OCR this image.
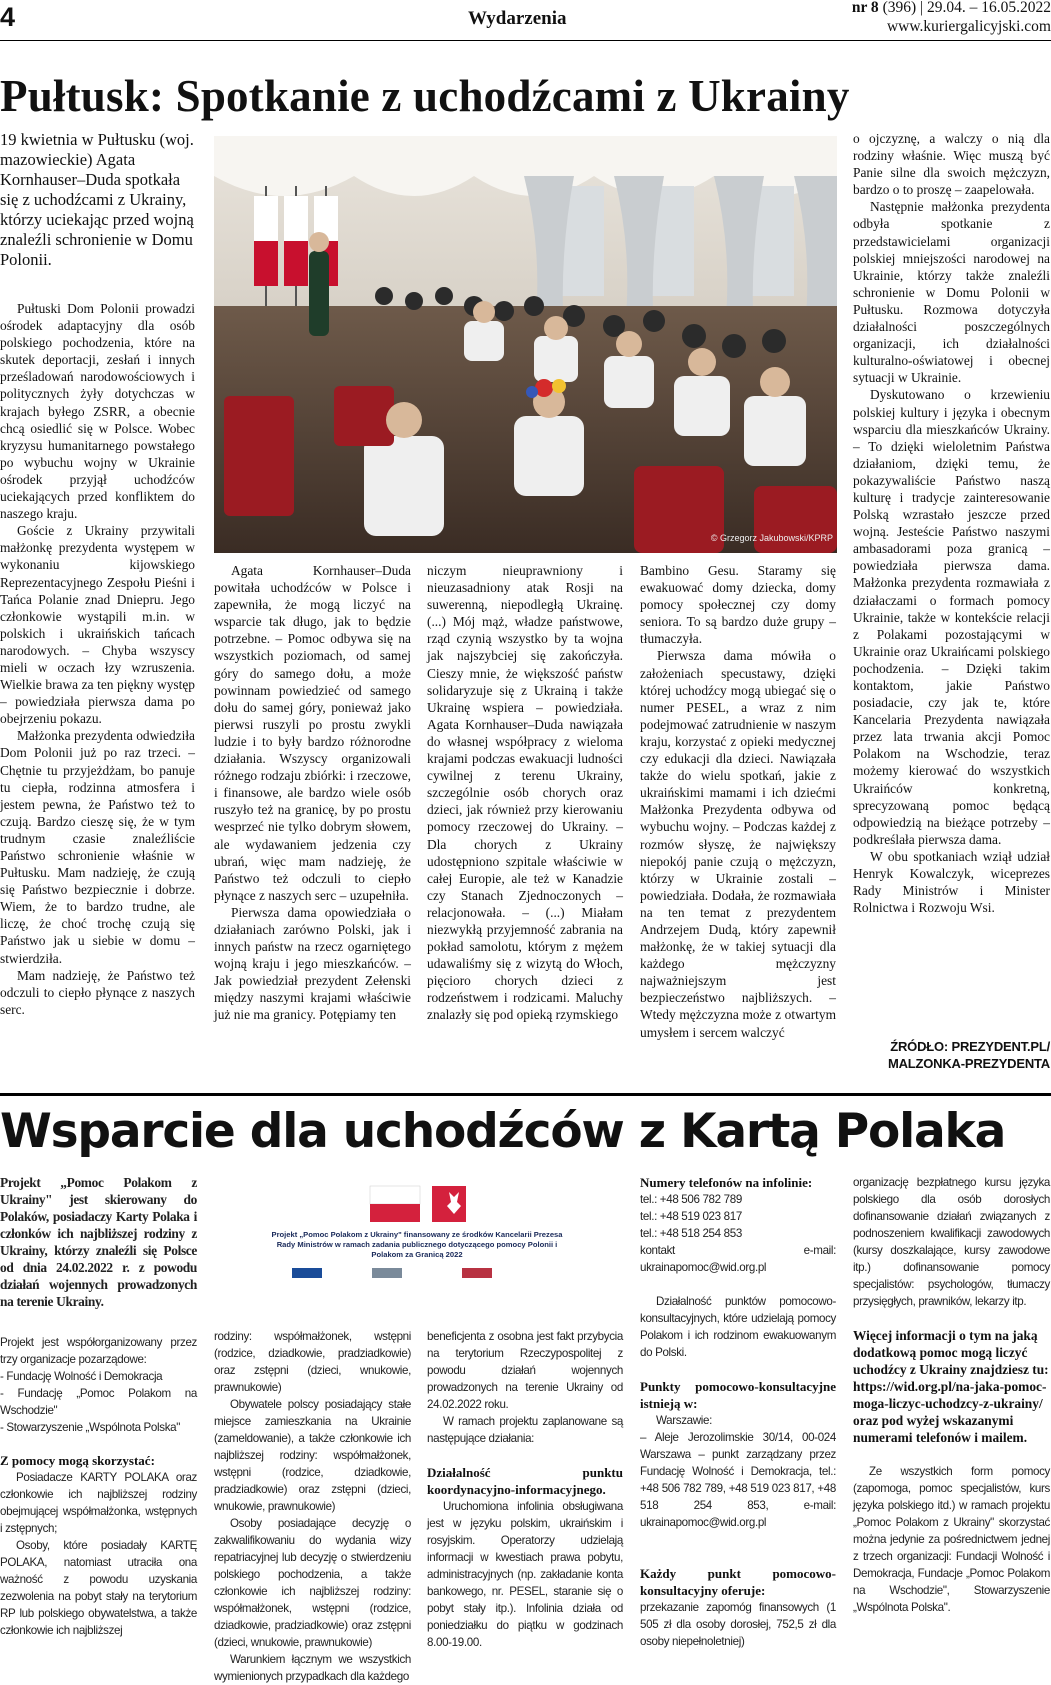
4	Wydarzenia
nr 8 (396) | 29.04. – 16.05.2022
www.kuriergalicyjski.com
Pułtusk: Spotkanie z uchodźcami z Ukrainy
19 kwietnia w Pułtusku (woj. mazowieckie) Agata Kornhauser–Duda spotkała się z uchodźcami z Ukrainy, którzy uciekając przed wojną znaleźli schronienie w Domu Polonii.

Pułtuski Dom Polonii prowadzi ośrodek adaptacyjny dla osób polskiego pochodzenia, które na skutek deportacji, zesłań i innych prześladowań narodowościowych i politycznych żyły dotychczas w krajach byłego ZSRR, a obecnie chcą osiedlić się w Polsce. Wobec kryzysu humanitarnego powstałego po wybuchu wojny w Ukrainie ośrodek przyjął uchodźców uciekających przed konfliktem do naszego kraju.

Goście z Ukrainy przywitali małżonkę prezydenta występem w wykonaniu kijowskiego Reprezentacyjnego Zespołu Pieśni i Tańca Polanie znad Dniepru. Jego członkowie wystąpili m.in. w polskich i ukraińskich tańcach narodowych. – Chyba wszyscy mieli w oczach łzy wzruszenia. Wielkie brawa za ten piękny występ – powiedziała pierwsza dama po obejrzeniu pokazu.

Małżonka prezydenta odwiedziła Dom Polonii już po raz trzeci. – Chętnie tu przyjeżdżam, bo panuje tu ciepła, rodzinna atmosfera i jestem pewna, że Państwo też to czują. Bardzo cieszę się, że w tym trudnym czasie znaleźliście Państwo schronienie właśnie w Pułtusku. Mam nadzieję, że czują się Państwo bezpiecznie i dobrze. Wiem, że to bardzo trudne, ale liczę, że choć trochę czują się Państwo jak u siebie w domu – stwierdziła.

Mam nadzieję, że Państwo też odczuli to ciepło płynące z naszych serc.

© Grzegorz Jakubowski/KPRP

Agata Kornhauser–Duda powitała uchodźców w Polsce i zapewniła, że mogą liczyć na wsparcie tak długo, jak to będzie potrzebne. – Pomoc odbywa się na wszystkich poziomach, od samej góry do samego dołu, a może powinnam powiedzieć od samego dołu do samej góry, ponieważ jako pierwsi ruszyli po prostu zwykli ludzie i to były bardzo różnorodne działania. Wszyscy organizowali różnego rodzaju zbiórki: i rzeczowe, i finansowe, ale bardzo wiele osób ruszyło też na granicę, by po prostu wesprzeć nie tylko dobrym słowem, ale wydawaniem jedzenia czy ubrań, więc mam nadzieję, że Państwo też odczuli to ciepło płynące z naszych serc – uzupełniła.

Pierwsza dama opowiedziała o działaniach zarówno Polski, jak i innych państw na rzecz ogarniętego wojną kraju i jego mieszkańców. – Jak powiedział prezydent Zełenski między naszymi krajami właściwie już nie ma granicy. Potępiamy ten

niczym nieuprawniony i nieuzasadniony atak Rosji na suwerenną, niepodległą Ukrainę. (...) Mój mąż, władze państwowe, rząd czynią wszystko by ta wojna jak najszybciej się zakończyła. Cieszy mnie, że większość państw solidaryzuje się z Ukrainą i także Ukrainę wspiera – powiedziała. Agata Kornhauser–Duda nawiązała do własnej współpracy z wieloma krajami podczas ewakuacji ludności cywilnej z terenu Ukrainy, szczególnie osób chorych oraz dzieci, jak również przy kierowaniu pomocy rzeczowej do Ukrainy. – Dla chorych z Ukrainy udostępniono szpitale właściwie w całej Europie, ale też w Kanadzie czy Stanach Zjednoczonych – relacjonowała. – (...) Miałam niezwykłą przyjemność zabrania na pokład samolotu, którym z mężem udawaliśmy się z wizytą do Włoch, pięcioro chorych dzieci z rodzeństwem i rodzicami. Maluchy znalazły się pod opieką rzymskiego

Bambino Gesu. Staramy się ewakuować domy dziecka, domy pomocy społecznej czy domy seniora. To są bardzo duże grupy – tłumaczyła.

Pierwsza dama mówiła o założeniach specustawy, dzięki której uchodźcy mogą ubiegać się o numer PESEL, a wraz z nim podejmować zatrudnienie w naszym kraju, korzystać z opieki medycznej czy edukacji dla dzieci. Nawiązała także do wielu spotkań, jakie z ukraińskimi mamami i ich dziećmi Małżonka Prezydenta odbywa od wybuchu wojny. – Podczas każdej z rozmów słyszę, że największy niepokój panie czują o mężczyzn, którzy w Ukrainie zostali – powiedziała. Dodała, że rozmawiała na ten temat z prezydentem Andrzejem Dudą, który zapewnił małżonkę, że w takiej sytuacji dla każdego mężczyzny najważniejszym jest bezpieczeństwo najbliższych. – Wtedy mężczyzna może z otwartym umysłem i sercem walczyć

o ojczyznę, a walczy o nią dla rodziny właśnie. Więc muszą być Panie silne dla swoich mężczyzn, bardzo o to proszę – zaapelowała.

Następnie małżonka prezydenta odbyła spotkanie z przedstawicielami organizacji polskiej mniejszości narodowej na Ukrainie, którzy także znaleźli schronienie w Domu Polonii w Pułtusku. Rozmowa dotyczyła działalności poszczególnych organizacji, ich działalności kulturalno-oświatowej i obecnej sytuacji w Ukrainie.

Dyskutowano o krzewieniu polskiej kultury i języka i obecnym wsparciu dla mieszkańców Ukrainy. – To dzięki wieloletnim Państwa działaniom, dzięki temu, że pokazywaliście Państwo naszą kulturę i tradycje zainteresowanie Polską wzrastało jeszcze przed wojną. Jesteście Państwo naszymi ambasadorami poza granicą – powiedziała pierwsza dama. Małżonka prezydenta rozmawiała z działaczami o formach pomocy Ukrainie, także w kontekście relacji z Polakami pozostającymi w Ukrainie oraz Ukraińcami polskiego pochodzenia. – Dzięki takim kontaktom, jakie Państwo posiadacie, czy jak te, które Kancelaria Prezydenta nawiązała przez lata trwania akcji Pomoc Polakom na Wschodzie, teraz możemy kierować do wszystkich Ukraińców konkretną, sprecyzowaną pomoc będącą odpowiedzią na bieżące potrzeby – podkreślała pierwsza dama.

W obu spotkaniach wziął udział Henryk Kowalczyk, wiceprezes Rady Ministrów i Minister Rolnictwa i Rozwoju Wsi.

ŹRÓDŁO: PREZYDENT.PL/ MALZONKA-PREZYDENTA
Wsparcie dla uchodźców z Kartą Polaka
Projekt „Pomoc Polakom z Ukrainy" jest skierowany do Polaków, posiadaczy Karty Polaka i członków ich najbliższej rodziny z Ukrainy, którzy znaleźli się Polsce od dnia 24.02.2022 r. z powodu działań wojennych prowadzonych na terenie Ukrainy.

Projekt jest współorganizowany przez trzy organizacje pozarządowe:

- Fundację Wolność i Demokracja

- Fundację „Pomoc Polakom na Wschodzie"

- Stowarzyszenie „Wspólnota Polska"

Z pomocy mogą skorzystać:

Posiadacze KARTY POLAKA oraz członkowie ich najbliższej rodziny obejmującej współmałżonka, wstępnych i zstępnych;

Osoby, które posiadały KARTĘ POLAKA, natomiast utraciła ona ważność z powodu uzyskania zezwolenia na pobyt stały na terytorium RP lub polskiego obywatelstwa, a także członkowie ich najbliższej

Projekt „Pomoc Polakom z Ukrainy" finansowany ze środków Kancelarii Prezesa Rady Ministrów w ramach zadania publicznego dotyczącego pomocy Polonii i Polakom za Granicą 2022

rodziny: współmałżonek, wstępni (rodzice, dziadkowie, pradziadkowie) oraz zstępni (dzieci, wnukowie, prawnukowie)

Obywatele polscy posiadający stałe miejsce zamieszkania na Ukrainie (zameldowanie), a także członkowie ich najbliższej rodziny: współmałżonek, wstępni (rodzice, dziadkowie, pradziadkowie) oraz zstępni (dzieci, wnukowie, prawnukowie)

Osoby posiadające decyzję o zakwalifikowaniu do wydania wizy repatriacyjnej lub decyzję o stwierdzeniu polskiego pochodzenia, a także członkowie ich najbliższej rodziny: współmałżonek, wstępni (rodzice, dziadkowie, pradziadkowie) oraz zstępni (dzieci, wnukowie, prawnukowie)

Warunkiem łącznym we wszystkich wymienionych przypadkach dla każdego

beneficjenta z osobna jest fakt przybycia na terytorium Rzeczypospolitej z powodu działań wojennych prowadzonych na terenie Ukrainy od 24.02.2022 roku.

W ramach projektu zaplanowane są następujące działania:

Działalność punktu koordynacyjno-informacyjnego.

Uruchomiona infolinia obsługiwana jest w języku polskim, ukraińskim i rosyjskim. Operatorzy udzielają informacji w kwestiach prawa pobytu, administracyjnych (np. zakładanie konta bankowego, nr. PESEL, staranie się o pobyt stały itp.). Infolinia działa od poniedziałku do piątku w godzinach 8.00-19.00.

Numery telefonów na infolinie:

tel.: +48 506 782 789

tel.: +48 519 023 817

tel.: +48 518 254 853

kontakt e-mail: ukrainapomoc@wid.org.pl

Działalność punktów pomocowo-konsultacyjnych, które udzielają pomocy Polakom i ich rodzinom ewakuowanym do Polski.

Punkty pomocowo-konsultacyjne istnieją w:

Warszawie:

– Aleje Jerozolimskie 30/14, 00-024 Warszawa – punkt zarządzany przez Fundację Wolność i Demokracja, tel.: +48 506 782 789, +48 519 023 817, +48 518 254 853, e-mail: ukrainapomoc@wid.org.pl

Każdy punkt pomocowo-konsultacyjny oferuje:

przekazanie zapomóg finansowych (1 505 zł dla osoby dorosłej, 752,5 zł dla osoby niepełnoletniej)

organizację bezpłatnego kursu języka polskiego dla osób dorosłych dofinansowanie działań związanych z podnoszeniem kwalifikacji zawodowych (kursy doszkalające, kursy zawodowe itp.) dofinansowanie pomocy specjalistów: psychologów, tłumaczy przysięgłych, prawników, lekarzy itp.

Więcej informacji o tym na jaką dodatkową pomoc mogą liczyć uchodźcy z Ukrainy znajdziesz tu: https://wid.org.pl/na-jaka-pomoc-moga-liczyc-uchodzcy-z-ukrainy/ oraz pod wyżej wskazanymi numerami telefonów i mailem.

Ze wszystkich form pomocy (zapomoga, pomoc specjalistów, kurs języka polskiego itd.) w ramach projektu „Pomoc Polakom z Ukrainy" skorzystać można jedynie za pośrednictwem jednej z trzech organizacji: Fundacji Wolność i Demokracja, Fundacje „Pomoc Polakom na Wschodzie", Stowarzyszenie „Wspólnota Polska".
